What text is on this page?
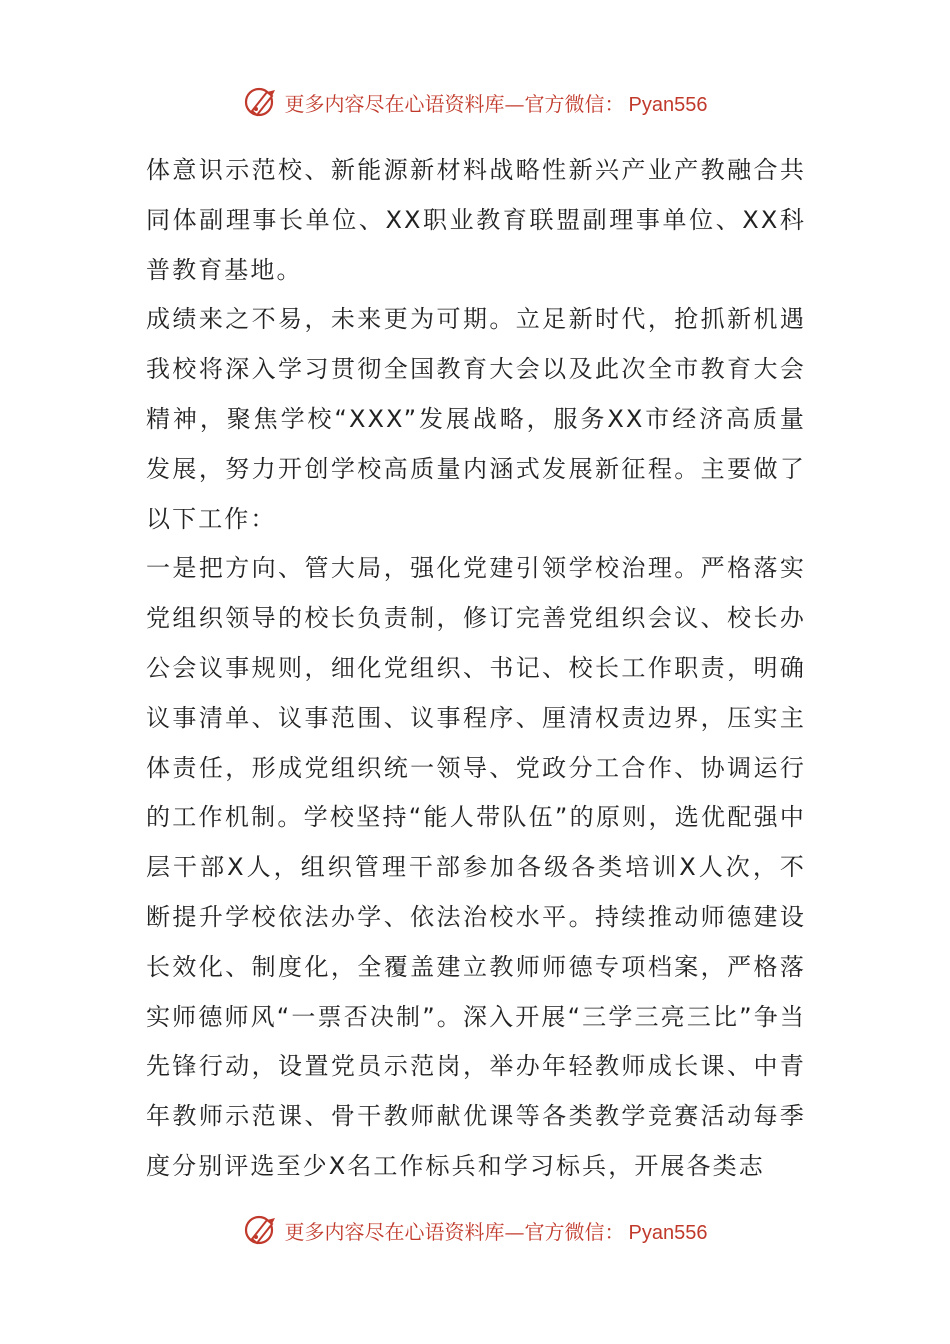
更多内容尽在心语资料库—官方微信： Pyan556

体意识示范校、新能源新材料战略性新兴产业产教融合共同体副理事长单位、XX职业教育联盟副理事单位、XX科普教育基地。

成绩来之不易，未来更为可期。立足新时代，抢抓新机遇我校将深入学习贯彻全国教育大会以及此次全市教育大会精神，聚焦学校“XXX”发展战略，服务XX市经济高质量发展，努力开创学校高质量内涵式发展新征程。主要做了以下工作：

一是把方向、管大局，强化党建引领学校治理。严格落实党组织领导的校长负责制，修订完善党组织会议、校长办公会议事规则，细化党组织、书记、校长工作职责，明确议事清单、议事范围、议事程序、厘清权责边界，压实主体责任，形成党组织统一领导、党政分工合作、协调运行的工作机制。学校坚持“能人带队伍”的原则，选优配强中层干部X人，组织管理干部参加各级各类培训X人次，不断提升学校依法办学、依法治校水平。持续推动师德建设长效化、制度化，全覆盖建立教师师德专项档案，严格落实师德师风“一票否决制”。深入开展“三学三亮三比”争当先锋行动，设置党员示范岗，举办年轻教师成长课、中青年教师示范课、骨干教师献优课等各类教学竞赛活动每季度分别评选至少X名工作标兵和学习标兵，开展各类志

更多内容尽在心语资料库—官方微信： Pyan556
